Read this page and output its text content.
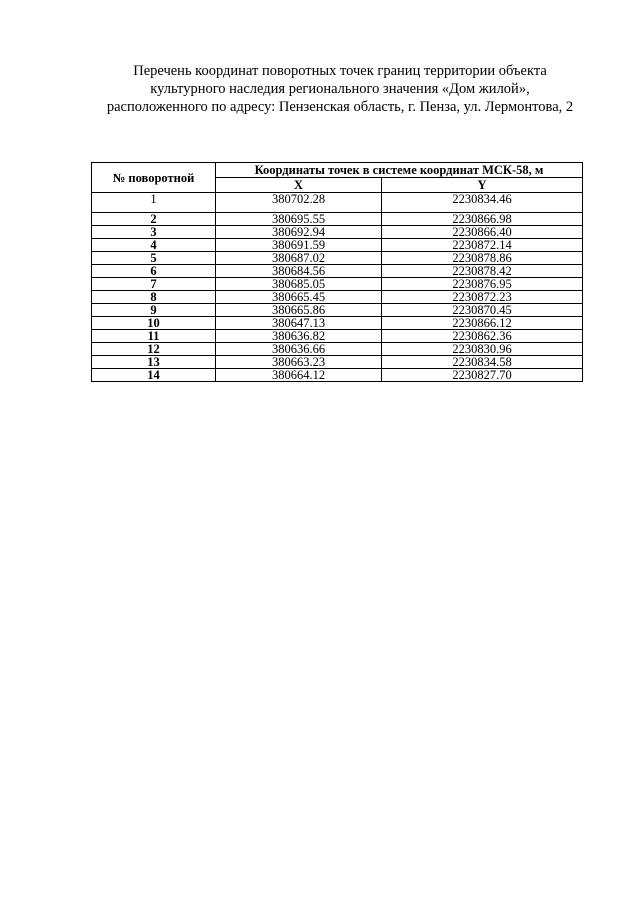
Перечень координат поворотных точек границ территории объекта
культурного наследия регионального значения «Дом жилой»,
расположенного по адресу: Пензенская область, г. Пенза, ул. Лермонтова, 2
№ поворотной	Координаты точек в системе координат МСК-58, м	
	X	Y
1	380702.28	2230834.46
2	380695.55	2230866.98
3	380692.94	2230866.40
4	380691.59	2230872.14
5	380687.02	2230878.86
6	380684.56	2230878.42
7	380685.05	2230876.95
8	380665.45	2230872.23
9	380665.86	2230870.45
10	380647.13	2230866.12
11	380636.82	2230862.36
12	380636.66	2230830.96
13	380663.23	2230834.58
14	380664.12	2230827.70
